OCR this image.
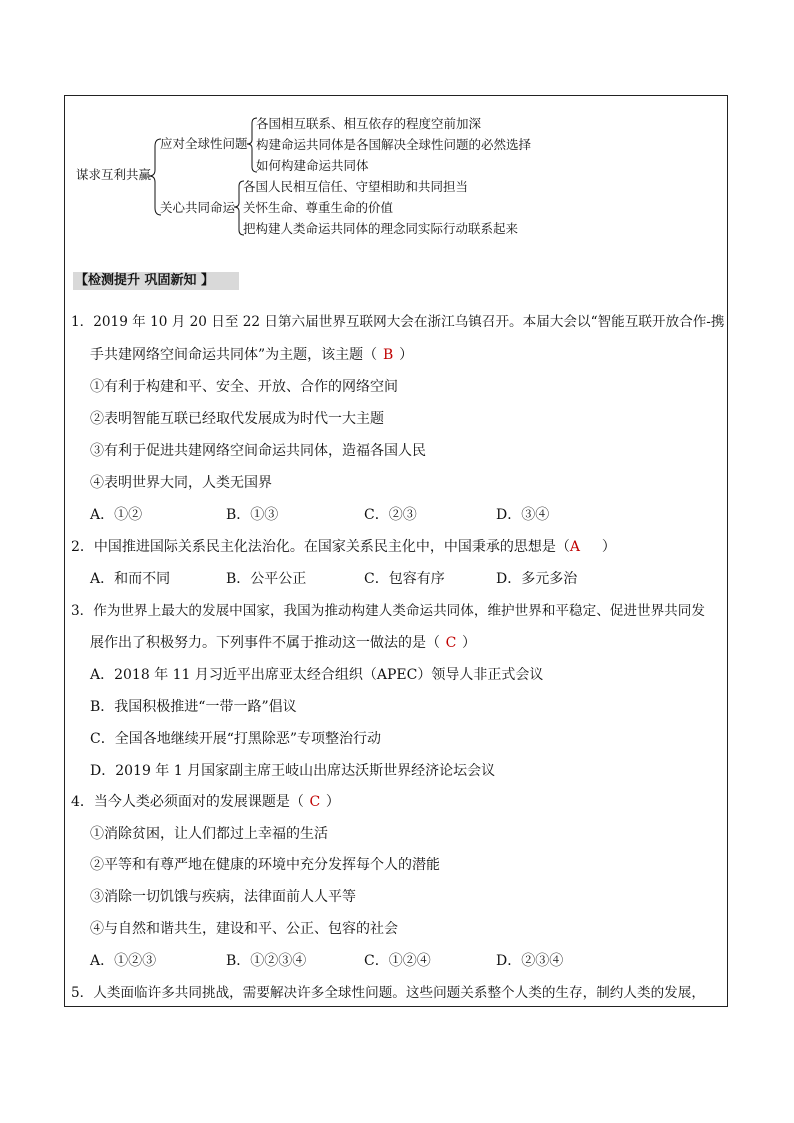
谋求互利共赢
应对全球性问题
各国相互联系、相互依存的程度空前加深
构建命运共同体是各国解决全球性问题的必然选择
如何构建命运共同体
关心共同命运
各国人民相互信任、守望相助和共同担当
关怀生命、尊重生命的价值
把构建人类命运共同体的理念同实际行动联系起来
【检测提升 巩固新知 】
1．2019 年 10 月 20 日至 22 日第六届世界互联网大会在浙江乌镇召开。本届大会以“智能互联开放合作-携
手共建网络空间命运共同体”为主题，该主题（ B ）
①有利于构建和平、安全、开放、合作的网络空间
②表明智能互联已经取代发展成为时代一大主题
③有利于促进共建网络空间命运共同体，造福各国人民
④表明世界大同，人类无国界
A．①②	B．①③	C．②③	D．③④
2．中国推进国际关系民主化法治化。在国家关系民主化中，中国秉承的思想是（A ）
A．和而不同	B．公平公正	C．包容有序	D．多元多治
3．作为世界上最大的发展中国家，我国为推动构建人类命运共同体，维护世界和平稳定、促进世界共同发
展作出了积极努力。下列事件不属于推动这一做法的是（ C ）
A．2018 年 11 月习近平出席亚太经合组织（APEC）领导人非正式会议
B．我国积极推进“一带一路”倡议
C．全国各地继续开展“打黑除恶”专项整治行动
D．2019 年 1 月国家副主席王岐山出席达沃斯世界经济论坛会议
4．当今人类必须面对的发展课题是（ C ）
①消除贫困，让人们都过上幸福的生活
②平等和有尊严地在健康的环境中充分发挥每个人的潜能
③消除一切饥饿与疾病，法律面前人人平等
④与自然和谐共生，建设和平、公正、包容的社会
A．①②③	B．①②③④	C．①②④	D．②③④
5．人类面临许多共同挑战，需要解决许多全球性问题。这些问题关系整个人类的生存，制约人类的发展，
